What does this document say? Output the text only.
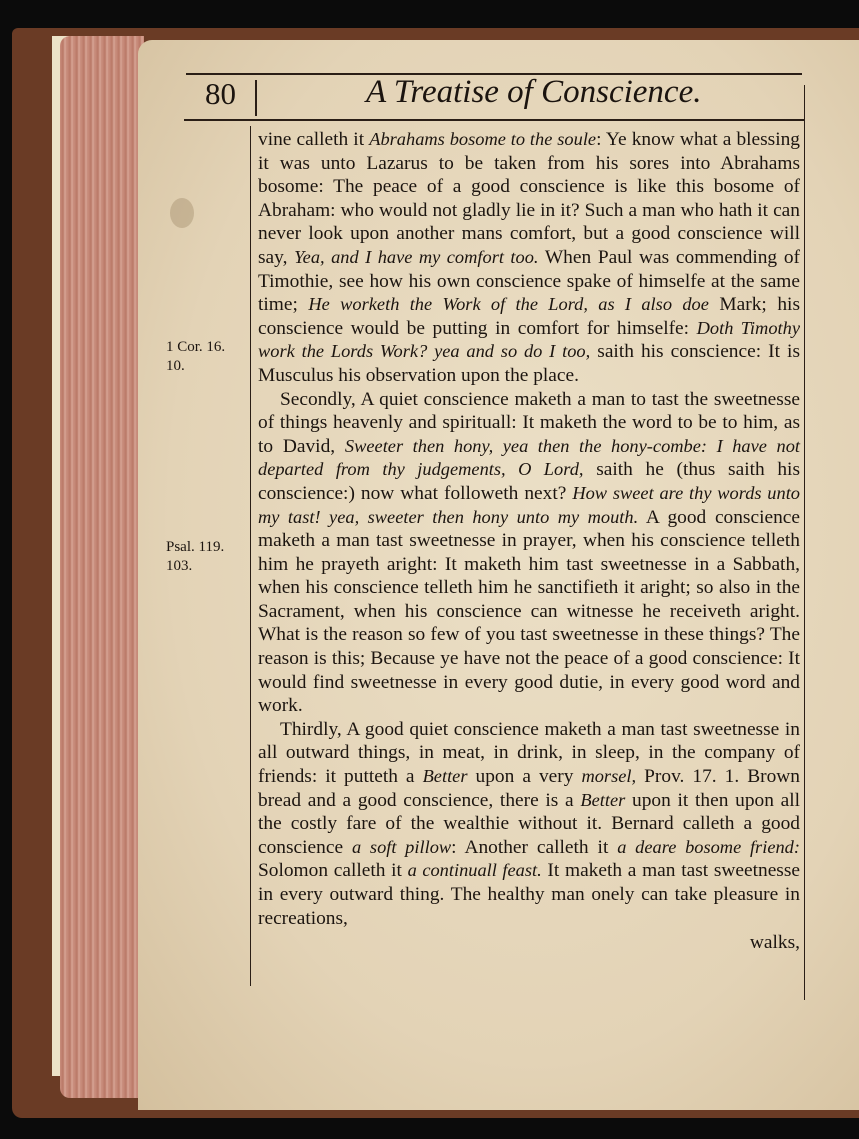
80	A Treatise of Conscience.
1 Cor. 16.
10.
Psal. 119.
103.

vine calleth it Abrahams bosome to the soule: Ye know what a blessing it was unto Lazarus to be taken from his sores into Abrahams bosome: The peace of a good conscience is like this bosome of Abraham: who would not gladly lie in it? Such a man who hath it can never look upon another mans comfort, but a good conscience will say, Yea, and I have my comfort too. When Paul was commending of Timothie, see how his own conscience spake of himselfe at the same time; He worketh the Work of the Lord, as I also doe Mark; his conscience would be putting in comfort for himselfe: Doth Timothy work the Lords Work? yea and so do I too, saith his conscience: It is Musculus his observation upon the place.

Secondly, A quiet conscience maketh a man to tast the sweetnesse of things heavenly and spirituall: It maketh the word to be to him, as to David, Sweeter then hony, yea then the hony-combe: I have not departed from thy judgements, O Lord, saith he (thus saith his conscience:) now what followeth next? How sweet are thy words unto my tast! yea, sweeter then hony unto my mouth. A good conscience maketh a man tast sweetnesse in prayer, when his conscience telleth him he prayeth aright: It maketh him tast sweetnesse in a Sabbath, when his conscience telleth him he sanctifieth it aright; so also in the Sacrament, when his conscience can witnesse he receiveth aright. What is the reason so few of you tast sweetnesse in these things? The reason is this; Because ye have not the peace of a good conscience: It would find sweetnesse in every good dutie, in every good word and work.

Thirdly, A good quiet conscience maketh a man tast sweetnesse in all outward things, in meat, in drink, in sleep, in the company of friends: it putteth a Better upon a very morsel, Prov. 17. 1. Brown bread and a good conscience, there is a Better upon it then upon all the costly fare of the wealthie without it. Bernard calleth a good conscience a soft pillow: Another calleth it a deare bosome friend: Solomon calleth it a continuall feast. It maketh a man tast sweetnesse in every outward thing. The healthy man onely can take pleasure in recreations,

walks,
